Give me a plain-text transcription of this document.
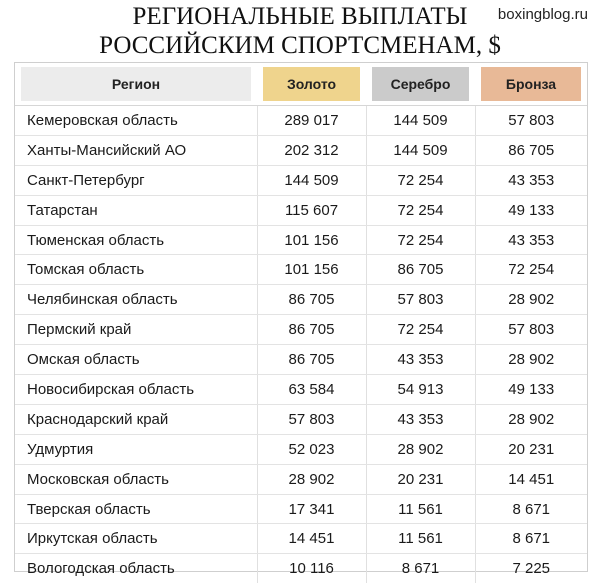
РЕГИОНАЛЬНЫЕ ВЫПЛАТЫ
РОССИЙСКИМ СПОРТСМЕНАМ, $
boxingblog.ru
Регион	Золото	Серебро	Бронза

Кемеровская область	289 017	144 509	57 803
Ханты-Мансийский АО	202 312	144 509	86 705
Санкт-Петербург	144 509	72 254	43 353
Татарстан	115 607	72 254	49 133
Тюменская область	101 156	72 254	43 353
Томская область	101 156	86 705	72 254
Челябинская область	86 705	57 803	28 902
Пермский край	86 705	72 254	57 803
Омская область	86 705	43 353	28 902
Новосибирская область	63 584	54 913	49 133
Краснодарский край	57 803	43 353	28 902
Удмуртия	52 023	28 902	20 231
Московская область	28 902	20 231	14 451
Тверская область	17 341	11 561	8 671
Иркутская область	14 451	11 561	8 671
Вологодская область	10 116	8 671	7 225
